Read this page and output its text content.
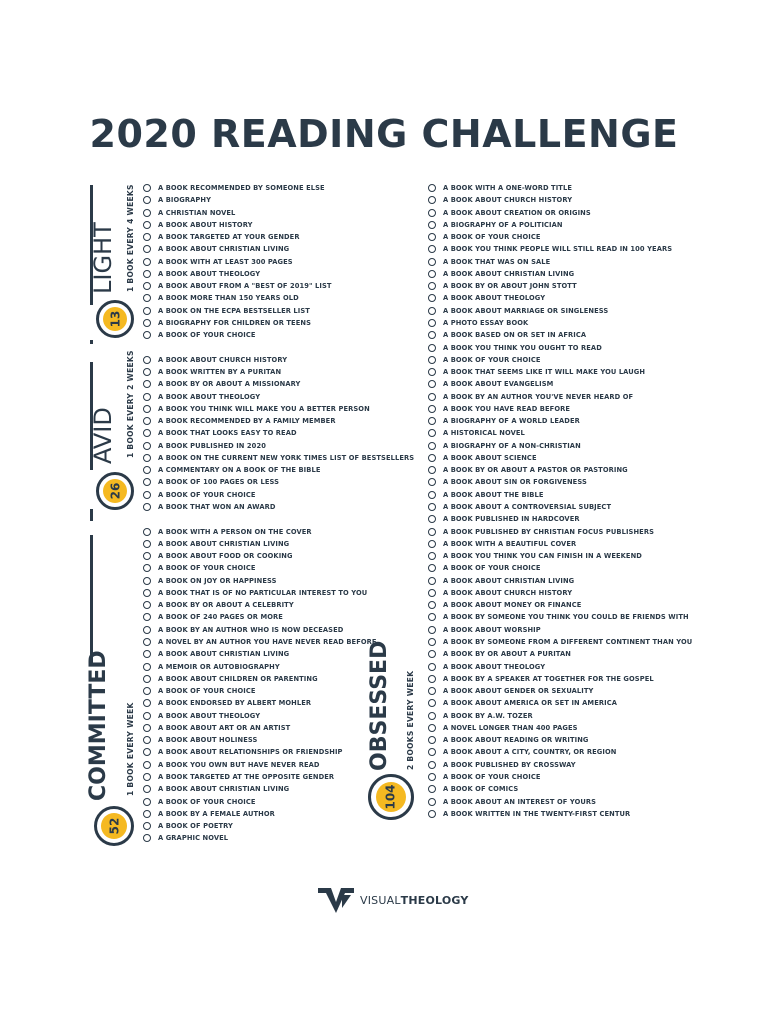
2020 READING CHALLENGE
A BOOK RECOMMENDED BY SOMEONE ELSE
A BIOGRAPHY
A CHRISTIAN NOVEL
A BOOK ABOUT HISTORY
A BOOK TARGETED AT YOUR GENDER
A BOOK ABOUT CHRISTIAN LIVING
A BOOK WITH AT LEAST 300 PAGES
A BOOK ABOUT THEOLOGY
A BOOK ABOUT FROM A "BEST OF 2019" LIST
A BOOK MORE THAN 150 YEARS OLD
A BOOK ON THE ECPA BESTSELLER LIST
A BIOGRAPHY FOR CHILDREN OR TEENS
A BOOK OF YOUR CHOICE
A BOOK ABOUT CHURCH HISTORY
A BOOK WRITTEN BY A PURITAN
A BOOK BY OR ABOUT A MISSIONARY
A BOOK ABOUT THEOLOGY
A BOOK YOU THINK WILL MAKE YOU A BETTER PERSON
A BOOK RECOMMENDED BY A FAMILY MEMBER
A BOOK THAT LOOKS EASY TO READ
A BOOK PUBLISHED IN 2020
A BOOK ON THE CURRENT NEW YORK TIMES LIST OF BESTSELLERS
A COMMENTARY ON A BOOK OF THE BIBLE
A BOOK OF 100 PAGES OR LESS
A BOOK OF YOUR CHOICE
A BOOK THAT WON AN AWARD
A BOOK WITH A PERSON ON THE COVER
A BOOK ABOUT CHRISTIAN LIVING
A BOOK ABOUT FOOD OR COOKING
A BOOK OF YOUR CHOICE
A BOOK ON JOY OR HAPPINESS
A BOOK THAT IS OF NO PARTICULAR INTEREST TO YOU
A BOOK BY OR ABOUT A CELEBRITY
A BOOK OF 240 PAGES OR MORE
A BOOK BY AN AUTHOR WHO IS NOW DECEASED
A NOVEL BY AN AUTHOR YOU HAVE NEVER READ BEFORE
A BOOK ABOUT CHRISTIAN LIVING
A MEMOIR OR AUTOBIOGRAPHY
A BOOK ABOUT CHILDREN OR PARENTING
A BOOK OF YOUR CHOICE
A BOOK ENDORSED BY ALBERT MOHLER
A BOOK ABOUT THEOLOGY
A BOOK ABOUT ART OR AN ARTIST
A BOOK ABOUT HOLINESS
A BOOK ABOUT RELATIONSHIPS OR FRIENDSHIP
A BOOK YOU OWN BUT HAVE NEVER READ
A BOOK TARGETED AT THE OPPOSITE GENDER
A BOOK ABOUT CHRISTIAN LIVING
A BOOK OF YOUR CHOICE
A BOOK BY A FEMALE AUTHOR
A BOOK OF POETRY
A GRAPHIC NOVEL
A BOOK WITH A ONE-WORD TITLE
A BOOK ABOUT CHURCH HISTORY
A BOOK ABOUT CREATION OR ORIGINS
A BIOGRAPHY OF A POLITICIAN
A BOOK OF YOUR CHOICE
A BOOK YOU THINK PEOPLE WILL STILL READ IN 100 YEARS
A BOOK THAT WAS ON SALE
A BOOK ABOUT CHRISTIAN LIVING
A BOOK BY OR ABOUT JOHN STOTT
A BOOK ABOUT THEOLOGY
A BOOK ABOUT MARRIAGE OR SINGLENESS
A PHOTO ESSAY BOOK
A BOOK BASED ON OR SET IN AFRICA
A BOOK YOU THINK YOU OUGHT TO READ
A BOOK OF YOUR CHOICE
A BOOK THAT SEEMS LIKE IT WILL MAKE YOU LAUGH
A BOOK ABOUT EVANGELISM
A BOOK BY AN AUTHOR YOU'VE NEVER HEARD OF
A BOOK YOU HAVE READ BEFORE
A BIOGRAPHY OF A WORLD LEADER
A HISTORICAL NOVEL
A BIOGRAPHY OF A NON-CHRISTIAN
A BOOK ABOUT SCIENCE
A BOOK BY OR ABOUT A PASTOR OR PASTORING
A BOOK ABOUT SIN OR FORGIVENESS
A BOOK ABOUT THE BIBLE
A BOOK ABOUT A CONTROVERSIAL SUBJECT
A BOOK PUBLISHED IN HARDCOVER
A BOOK PUBLISHED BY CHRISTIAN FOCUS PUBLISHERS
A BOOK WITH A BEAUTIFUL COVER
A BOOK YOU THINK YOU CAN FINISH IN A WEEKEND
A BOOK OF YOUR CHOICE
A BOOK ABOUT CHRISTIAN LIVING
A BOOK ABOUT CHURCH HISTORY
A BOOK ABOUT MONEY OR FINANCE
A BOOK BY SOMEONE YOU THINK YOU COULD BE FRIENDS WITH
A BOOK ABOUT WORSHIP
A BOOK BY SOMEONE FROM A DIFFERENT CONTINENT THAN YOU
A BOOK BY OR ABOUT A PURITAN
A BOOK ABOUT THEOLOGY
A BOOK BY A SPEAKER AT TOGETHER FOR THE GOSPEL
A BOOK ABOUT GENDER OR SEXUALITY
A BOOK ABOUT AMERICA OR SET IN AMERICA
A BOOK BY A.W. TOZER
A NOVEL LONGER THAN 400 PAGES
A BOOK ABOUT READING OR WRITING
A BOOK ABOUT A CITY, COUNTRY, OR REGION
A BOOK PUBLISHED BY CROSSWAY
A BOOK OF YOUR CHOICE
A BOOK OF COMICS
A BOOK ABOUT AN INTEREST OF YOURS
A BOOK WRITTEN IN THE TWENTY-FIRST CENTUR
1 BOOK EVERY 4 WEEKS
LIGHT
13
1 BOOK EVERY 2 WEEKS
AVID
26
1 BOOK EVERY WEEK
COMMITTED
52
2 BOOKS EVERY WEEK
OBSESSED
104
VISUALTHEOLOGY
